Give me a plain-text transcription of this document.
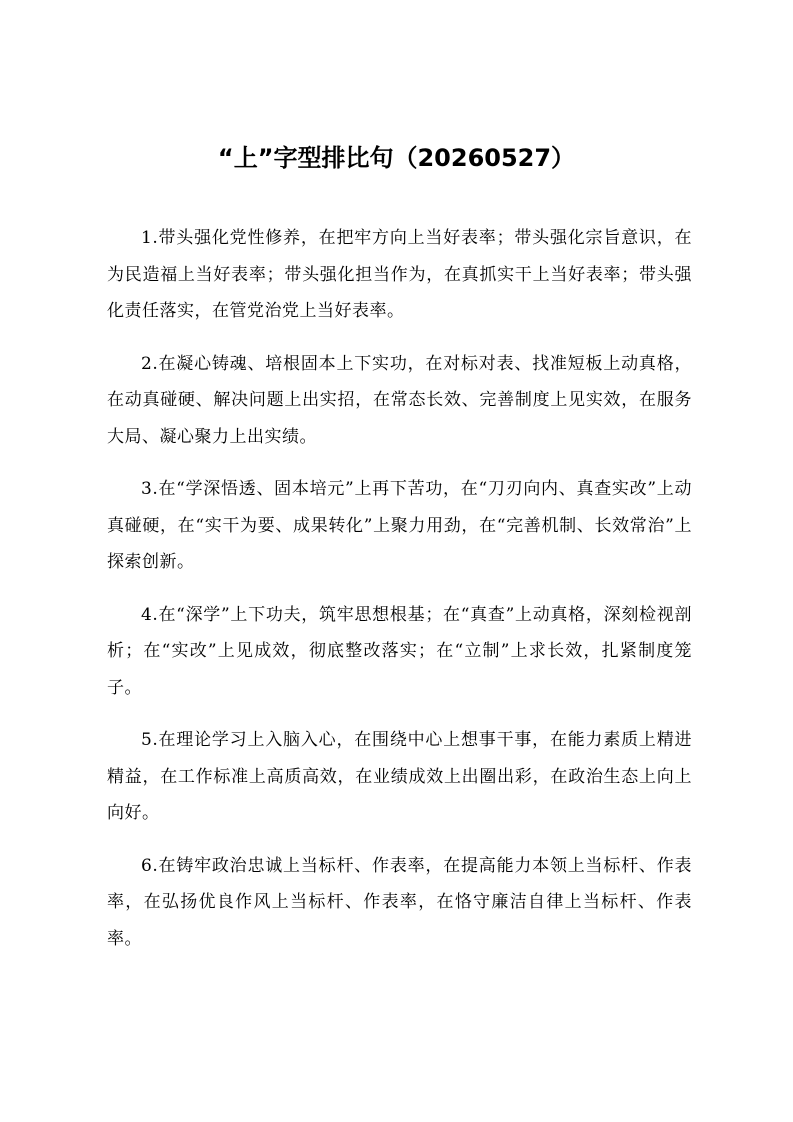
“上”字型排比句（20260527）

1.带头强化党性修养，在把牢方向上当好表率；带头强化宗旨意识，在为民造福上当好表率；带头强化担当作为，在真抓实干上当好表率；带头强化责任落实，在管党治党上当好表率。

2.在凝心铸魂、培根固本上下实功，在对标对表、找准短板上动真格，在动真碰硬、解决问题上出实招，在常态长效、完善制度上见实效，在服务大局、凝心聚力上出实绩。

3.在“学深悟透、固本培元”上再下苦功，在“刀刃向内、真查实改”上动真碰硬，在“实干为要、成果转化”上聚力用劲，在“完善机制、长效常治”上探索创新。

4.在“深学”上下功夫，筑牢思想根基；在“真查”上动真格，深刻检视剖析；在“实改”上见成效，彻底整改落实；在“立制”上求长效，扎紧制度笼子。

5.在理论学习上入脑入心，在围绕中心上想事干事，在能力素质上精进精益，在工作标准上高质高效，在业绩成效上出圈出彩，在政治生态上向上向好。

6.在铸牢政治忠诚上当标杆、作表率，在提高能力本领上当标杆、作表率，在弘扬优良作风上当标杆、作表率，在恪守廉洁自律上当标杆、作表率。
